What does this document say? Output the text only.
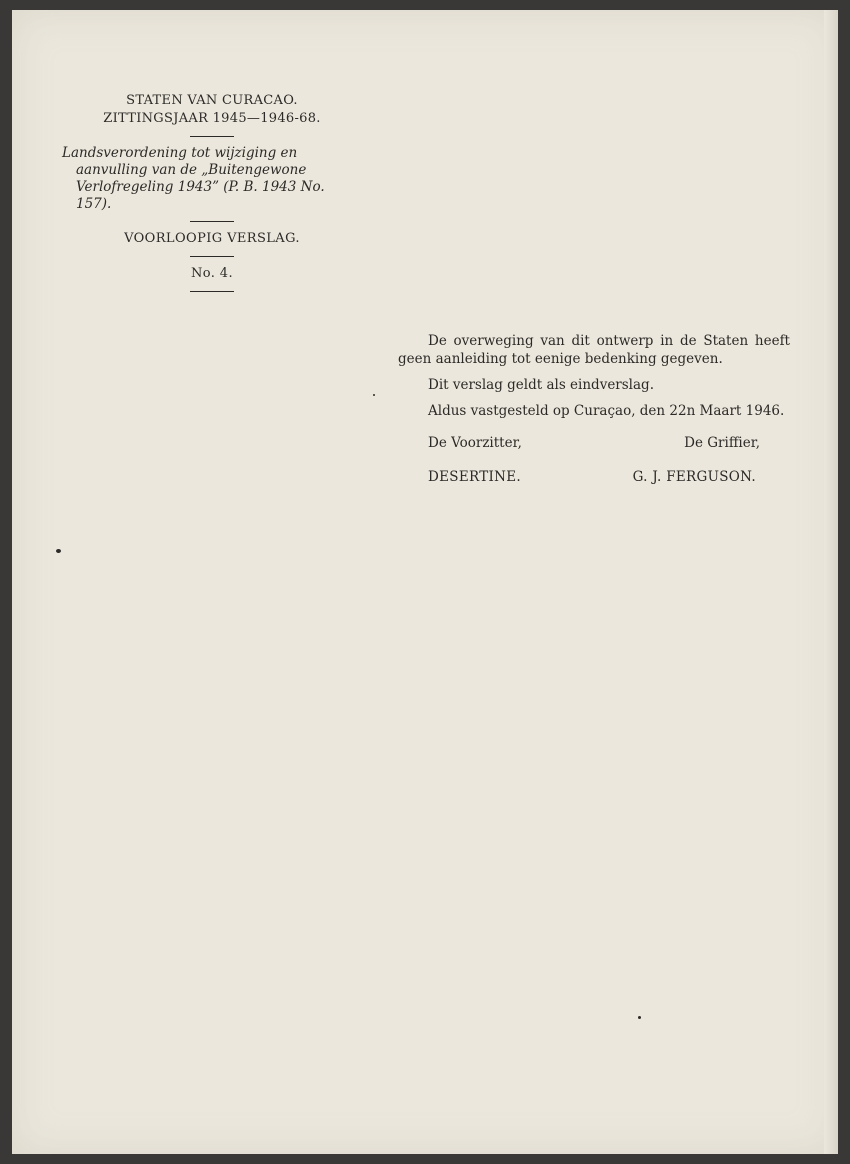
STATEN VAN CURACAO.
ZITTINGSJAAR 1945—1946-68.

Landsverordening tot wijziging en aanvulling van de „Buitengewone Verlofregeling 1943” (P. B. 1943 No. 157).

VOORLOOPIG VERSLAG.
No. 4.

De overweging van dit ontwerp in de Staten heeft geen aanleiding tot eenige bedenking gegeven.

Dit verslag geldt als eindverslag.

Aldus vastgesteld op Curaçao, den 22n Maart 1946.

De Voorzitter,	De Griffier,
DESERTINE.	G. J. FERGUSON.
